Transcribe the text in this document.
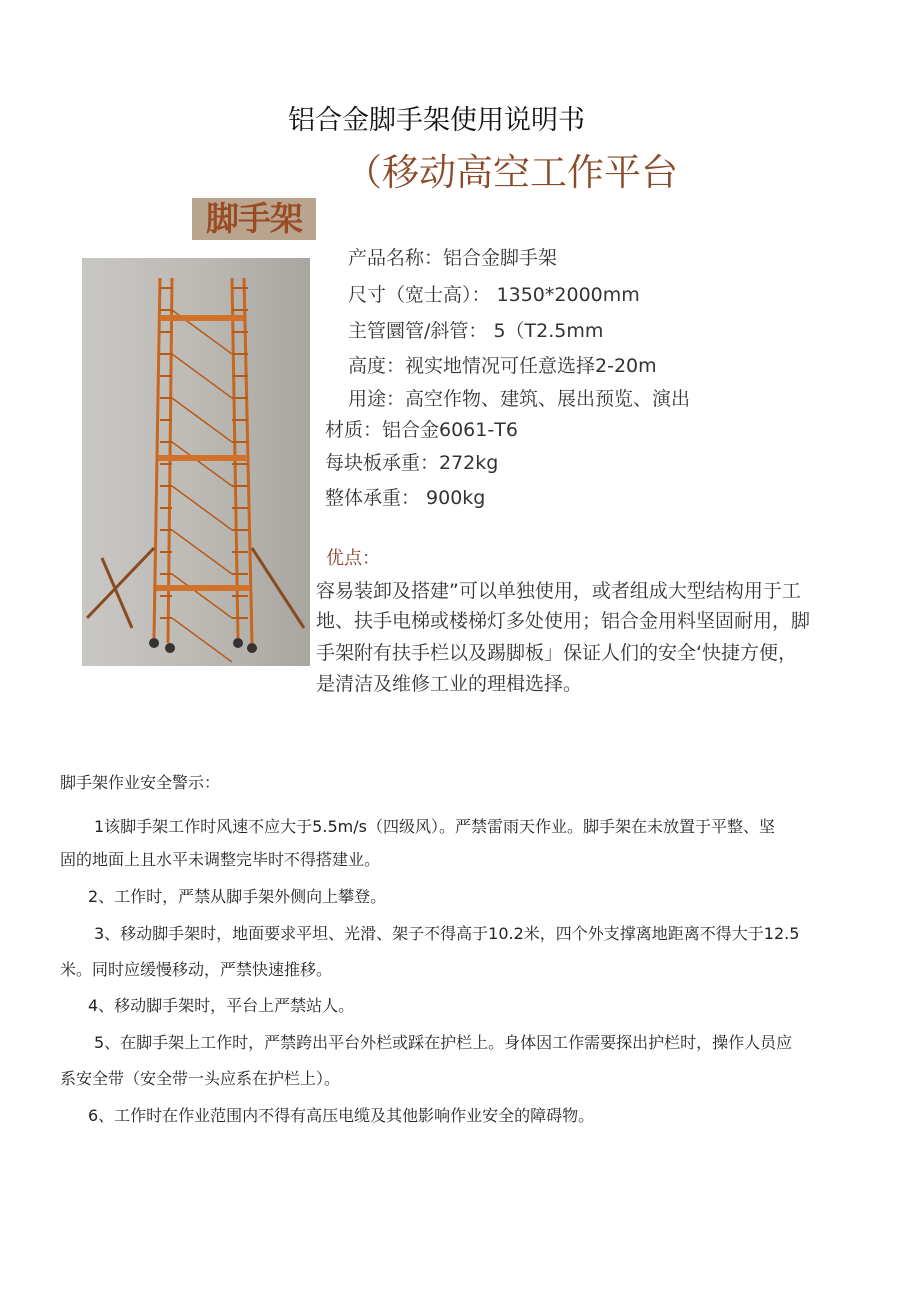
铝合金脚手架使用说明书
（移动高空工作平台
脚手架
产品名称：铝合金脚手架
尺寸（宽士高）： 1350*2000mm
主管圜管/斜管： 5（T2.5mm
高度：视实地情况可任意选择2-20m
用途：高空作物、建筑、展出预览、演出
材质：铝合金6061-T6
每块板承重：272kg
整体承重： 900kg
优点：
容易装卸及搭建”可以单独使用，或者组成大型结构用于工
地、扶手电梯或楼梯灯多处使用；铝合金用料坚固耐用，脚
手架附有扶手栏以及踢脚板」保证人们的安全‘快捷方便，
是清洁及维修工业的理楫选择。
脚手架作业安全警示：
1该脚手架工作时风速不应大于5.5m/s（四级风）。严禁雷雨天作业。脚手架在未放置于平整、坚
固的地面上且水平未调整完毕时不得搭建业。
2、工作时，严禁从脚手架外侧向上攀登。
3、移动脚手架时，地面要求平坦、光滑、架子不得高于10.2米，四个外支撑离地距离不得大于12.5
米。同时应缓慢移动，严禁快速推移。
4、移动脚手架时，平台上严禁站人。
5、在脚手架上工作时，严禁跨出平台外栏或踩在护栏上。身体因工作需要探出护栏时，操作人员应
系安全带（安全带一头应系在护栏上）。
6、工作时在作业范围内不得有高压电缆及其他影响作业安全的障碍物。
